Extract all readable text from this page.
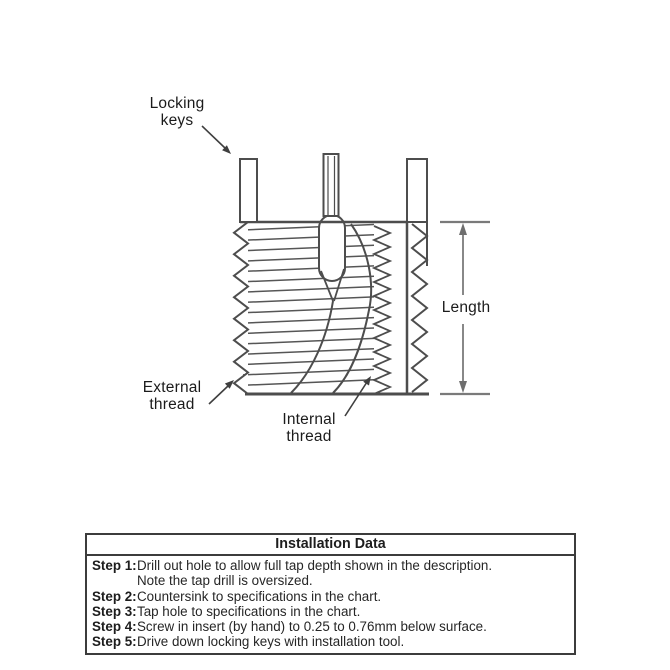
Locking
keys
External
thread
Internal
thread
Length
Installation Data
Step 1: Drill out hole to allow full tap depth shown in the description.
Note the tap drill is oversized.
Step 2: Countersink to specifications in the chart.
Step 3: Tap hole to specifications in the chart.
Step 4: Screw in insert (by hand) to 0.25 to 0.76mm below surface.
Step 5: Drive down locking keys with installation tool.
